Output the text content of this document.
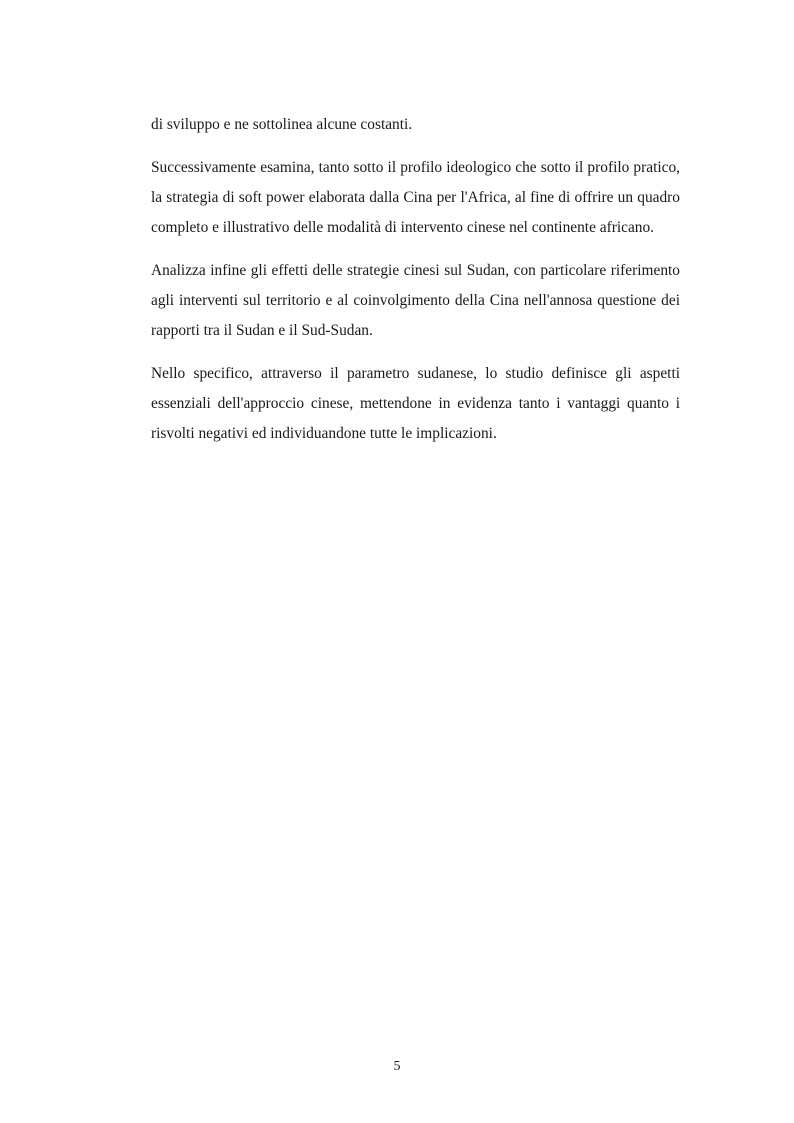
di sviluppo e ne sottolinea alcune costanti.

Successivamente esamina, tanto sotto il profilo ideologico che sotto il profilo pratico, la strategia di soft power elaborata dalla Cina per l'Africa, al fine di offrire un quadro completo e illustrativo delle modalità di intervento cinese nel continente africano.

Analizza infine gli effetti delle strategie cinesi sul Sudan, con particolare riferimento agli interventi sul territorio e al coinvolgimento della Cina nell'annosa questione dei rapporti tra il Sudan e il Sud-Sudan.

Nello specifico, attraverso il parametro sudanese, lo studio definisce gli aspetti essenziali dell'approccio cinese, mettendone in evidenza tanto i vantaggi quanto i risvolti negativi ed individuandone tutte le implicazioni.

5
